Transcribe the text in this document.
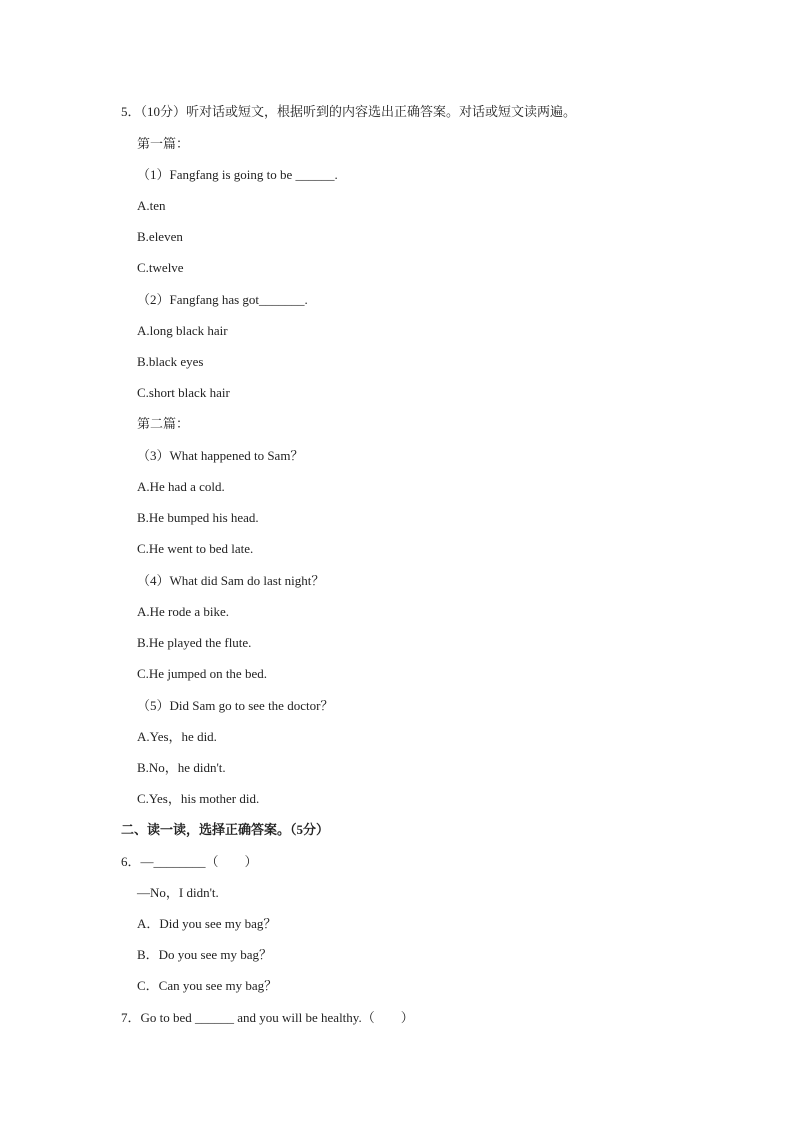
5．（10分）听对话或短文，根据听到的内容选出正确答案。对话或短文读两遍。
第一篇：
（1）Fangfang is going to be ______.
A.ten
B.eleven
C.twelve
（2）Fangfang has got_______.
A.long black hair
B.black eyes
C.short black hair
第二篇：
（3）What happened to Sam？
A.He had a cold.
B.He bumped his head.
C.He went to bed late.
（4）What did Sam do last night？
A.He rode a bike.
B.He played the flute.
C.He jumped on the bed.
（5）Did Sam go to see the doctor？
A.Yes，he did.
B.No，he didn't.
C.Yes，his mother did.
二、读一读，选择正确答案。（5分）
6．—________（　　）
—No，I didn't.
A．Did you see my bag？
B．Do you see my bag？
C．Can you see my bag？
7．Go to bed ______ and you will be healthy.（　　）
